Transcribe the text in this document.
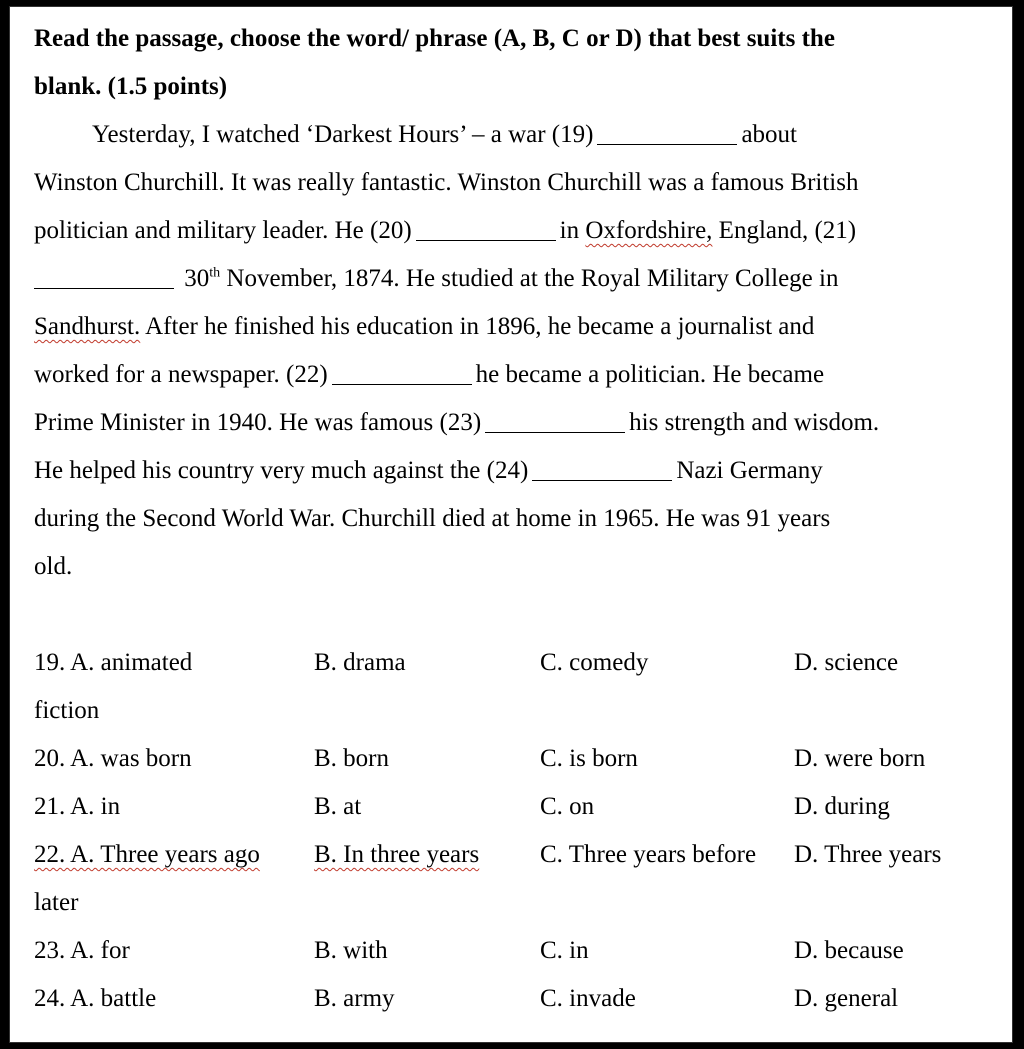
Read the passage, choose the word/ phrase (A, B, C or D) that best suits the
blank. (1.5 points)

Yesterday, I watched ‘Darkest Hours’ – a war (19)	about

Winston Churchill. It was really fantastic. Winston Churchill was a famous British

politician and military leader. He (20)	in Oxfordshire, England, (21)

30th November, 1874. He studied at the Royal Military College in

Sandhurst. After he finished his education in 1896, he became a journalist and

worked for a newspaper. (22)	he became a politician. He became

Prime Minister in 1940. He was famous (23)	his strength and wisdom.

He helped his country very much against the (24)	Nazi Germany

during the Second World War. Churchill died at home in 1965. He was 91 years

old.

19. A. animated	B. drama	C. comedy	D. science
fiction
20. A. was born	B. born	C. is born	D. were born
21. A. in	B. at	C. on	D. during
22. A. Three years ago	B. In three years	C. Three years before	D. Three years
later
23. A. for	B. with	C. in	D. because
24. A. battle	B. army	C. invade	D. general
